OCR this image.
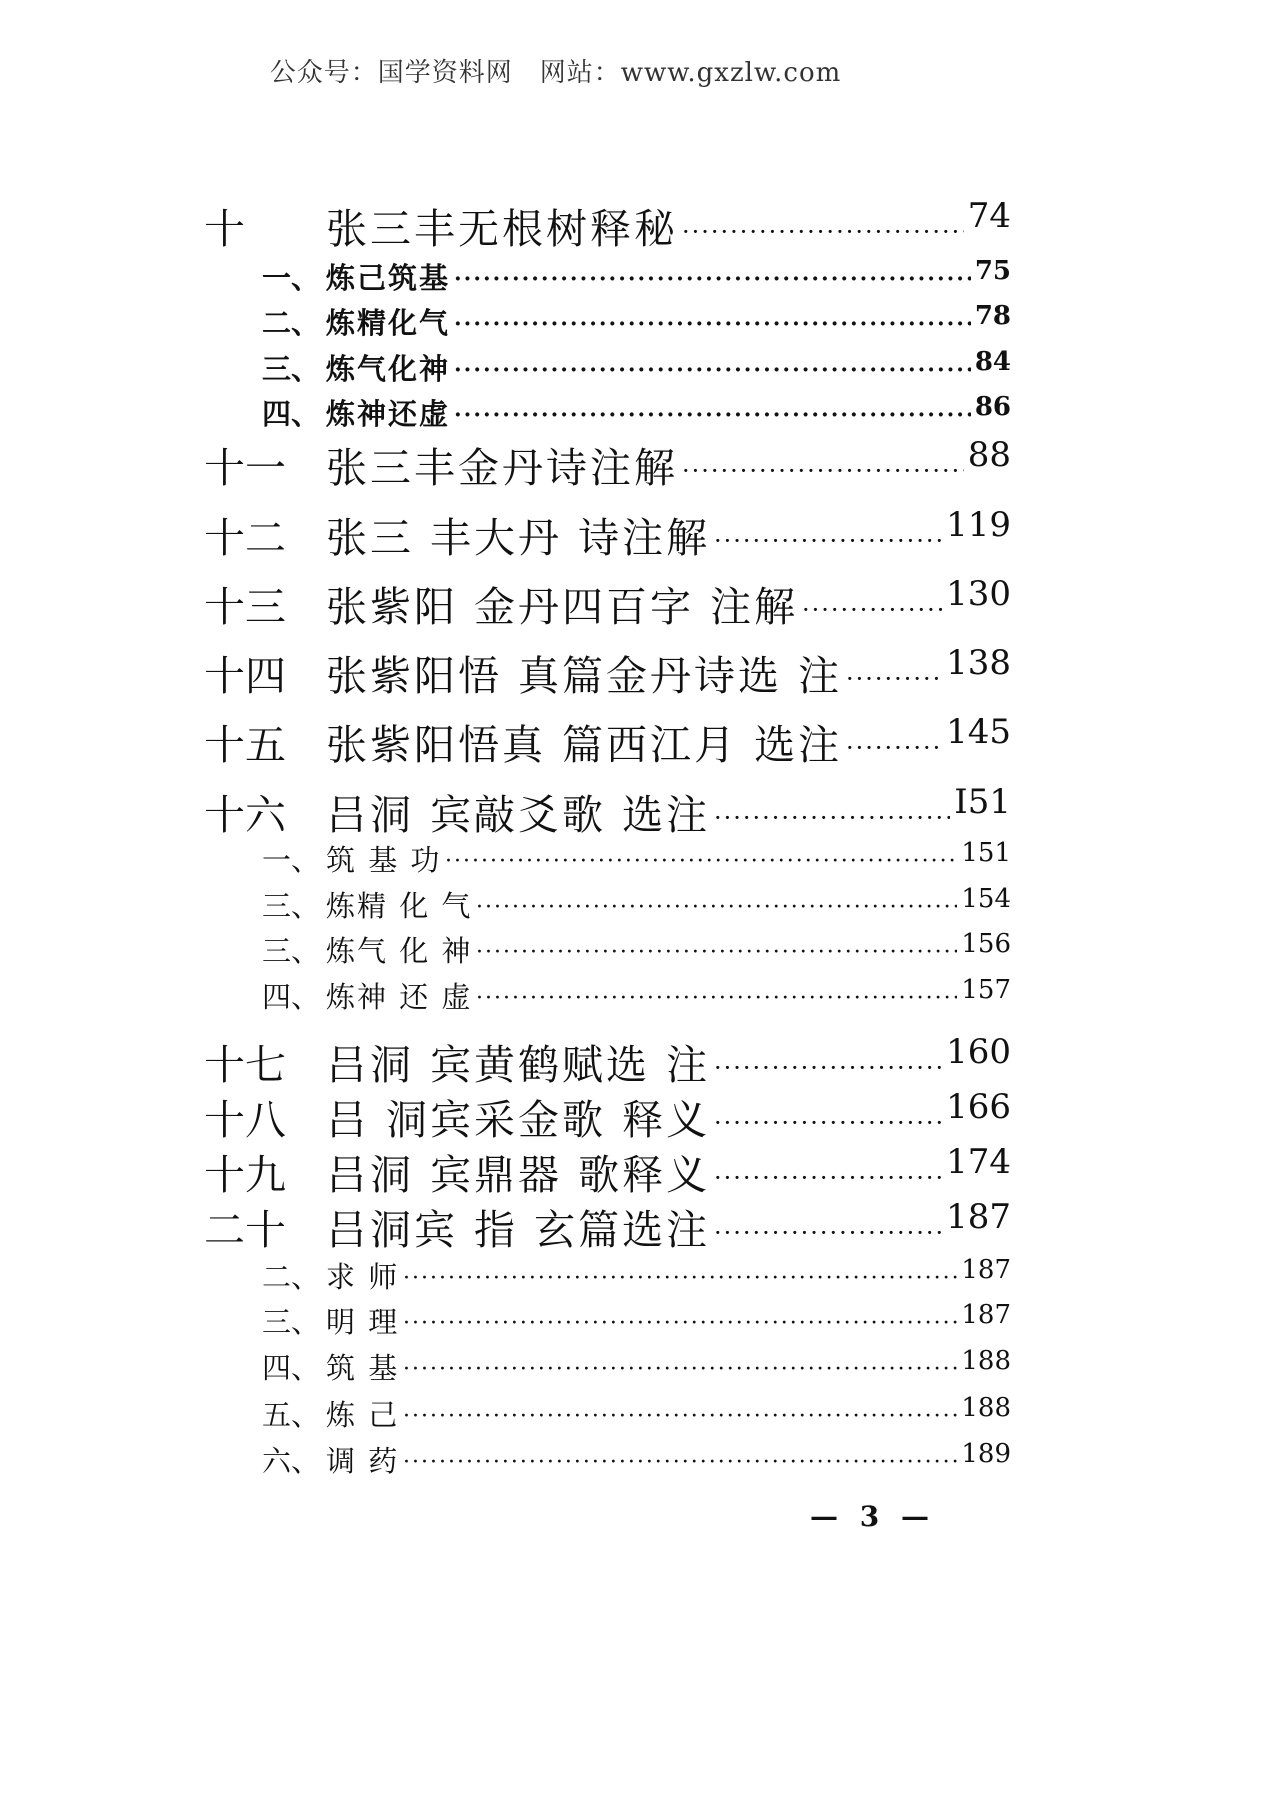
公众号：国学资料网　网站：www.gxzlw.com
十 张三丰无根树释秘 ·····	74
一、 炼己筑基 ·····	75
二、 炼精化气 ·····	78
三、 炼气化神 ·····	84
四、 炼神还虚 ·····	86
十一 张三丰金丹诗注解 ·····	88
十二 张三 丰大丹 诗注解 ·····	119
十三 张紫阳 金丹四百字 注解 ·····	130
十四 张紫阳悟 真篇金丹诗选 注 ·····	138
十五 张紫阳悟真 篇西江月 选注 ·····	145
十六 吕洞 宾敲爻歌 选注 ·····	I51
一、 筑 基 功 ·····	151
三、 炼精 化 气 ·····	154
三、 炼气 化 神 ·····	156
四、 炼神 还 虚 ·····	157
十七 吕洞 宾黄鹤赋选 注 ·····	160
十八 吕 洞宾采金歌 释义 ·····	166
十九 吕洞 宾鼎器 歌释义 ·····	174
二十 吕洞宾 指 玄篇选注 ·····	187
二、 求 师 ·····	187
三、 明 理 ·····	187
四、 筑 基 ·····	188
五、 炼 己 ·····	188
六、 调 药 ·····	189
— 3 —
